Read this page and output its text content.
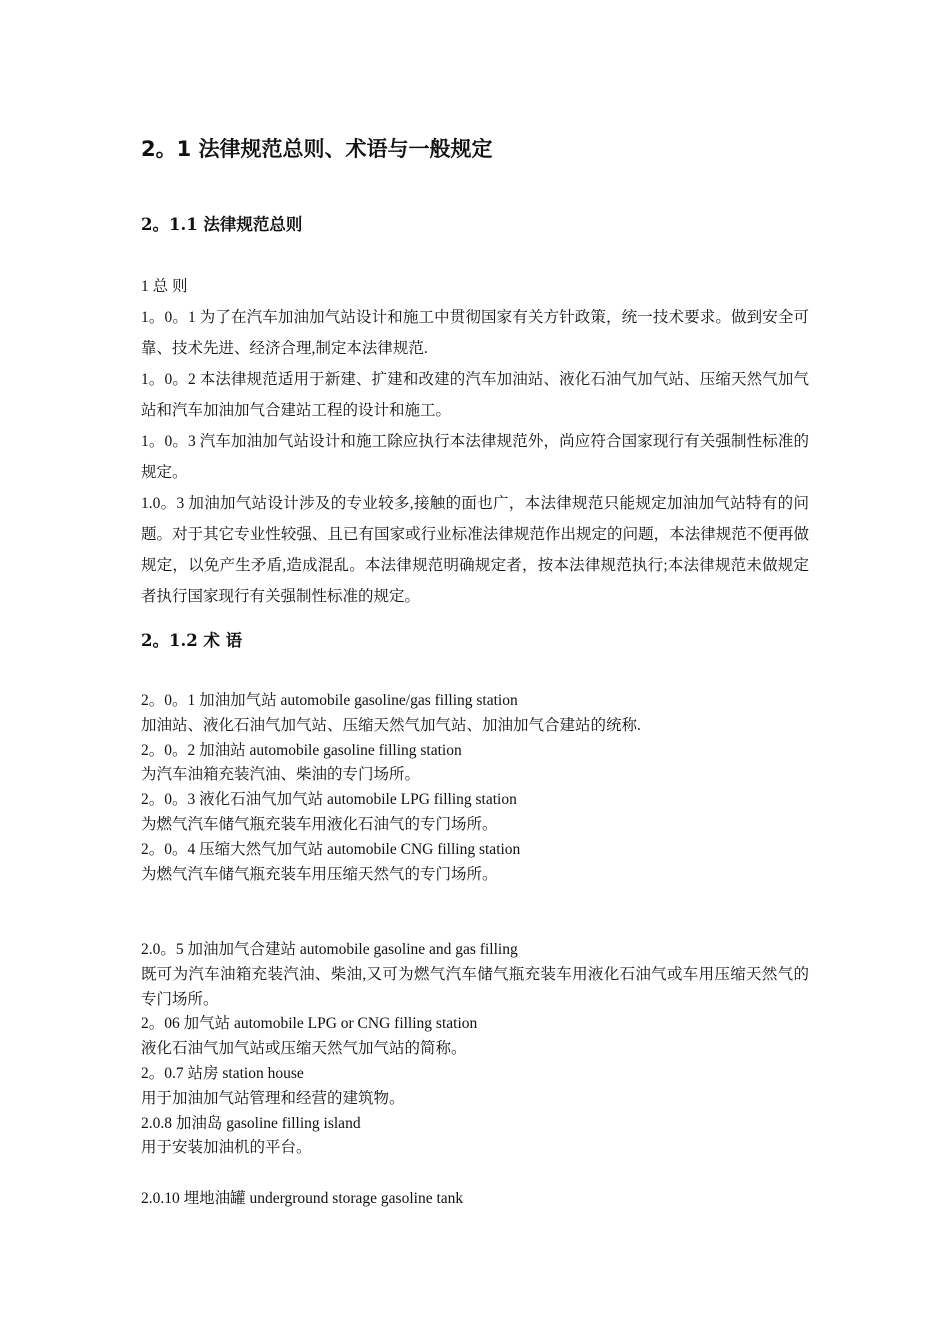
2。1 法律规范总则、术语与一般规定
2。1.1 法律规范总则
1 总 则
1。0。1 为了在汽车加油加气站设计和施工中贯彻国家有关方针政策，统一技术要求。做到安全可靠、技术先进、经济合理,制定本法律规范.
1。0。2 本法律规范适用于新建、扩建和改建的汽车加油站、液化石油气加气站、压缩天然气加气站和汽车加油加气合建站工程的设计和施工。
1。0。3 汽车加油加气站设计和施工除应执行本法律规范外，尚应符合国家现行有关强制性标准的规定。
1.0。3 加油加气站设计涉及的专业较多,接触的面也广，本法律规范只能规定加油加气站特有的问题。对于其它专业性较强、且已有国家或行业标准法律规范作出规定的问题，本法律规范不便再做规定，以免产生矛盾,造成混乱。本法律规范明确规定者，按本法律规范执行;本法律规范未做规定者执行国家现行有关强制性标准的规定。
2。1.2 术 语
2。0。1 加油加气站 automobile gasoline/gas filling station
加油站、液化石油气加气站、压缩天然气加气站、加油加气合建站的统称.
2。0。2 加油站 automobile gasoline filling station
为汽车油箱充装汽油、柴油的专门场所。
2。0。3 液化石油气加气站 automobile LPG filling station
为燃气汽车储气瓶充装车用液化石油气的专门场所。
2。0。4 压缩大然气加气站 automobile CNG filling station
为燃气汽车储气瓶充装车用压缩天然气的专门场所。
2.0。5 加油加气合建站 automobile gasoline and gas filling
既可为汽车油箱充装汽油、柴油,又可为燃气汽车储气瓶充装车用液化石油气或车用压缩天然气的专门场所。
2。06 加气站 automobile LPG or CNG filling station
液化石油气加气站或压缩天然气加气站的简称。
2。0.7 站房 station house
用于加油加气站管理和经营的建筑物。
2.0.8 加油岛 gasoline filling island
用于安装加油机的平台。
2.0.10 埋地油罐 underground storage gasoline tank
